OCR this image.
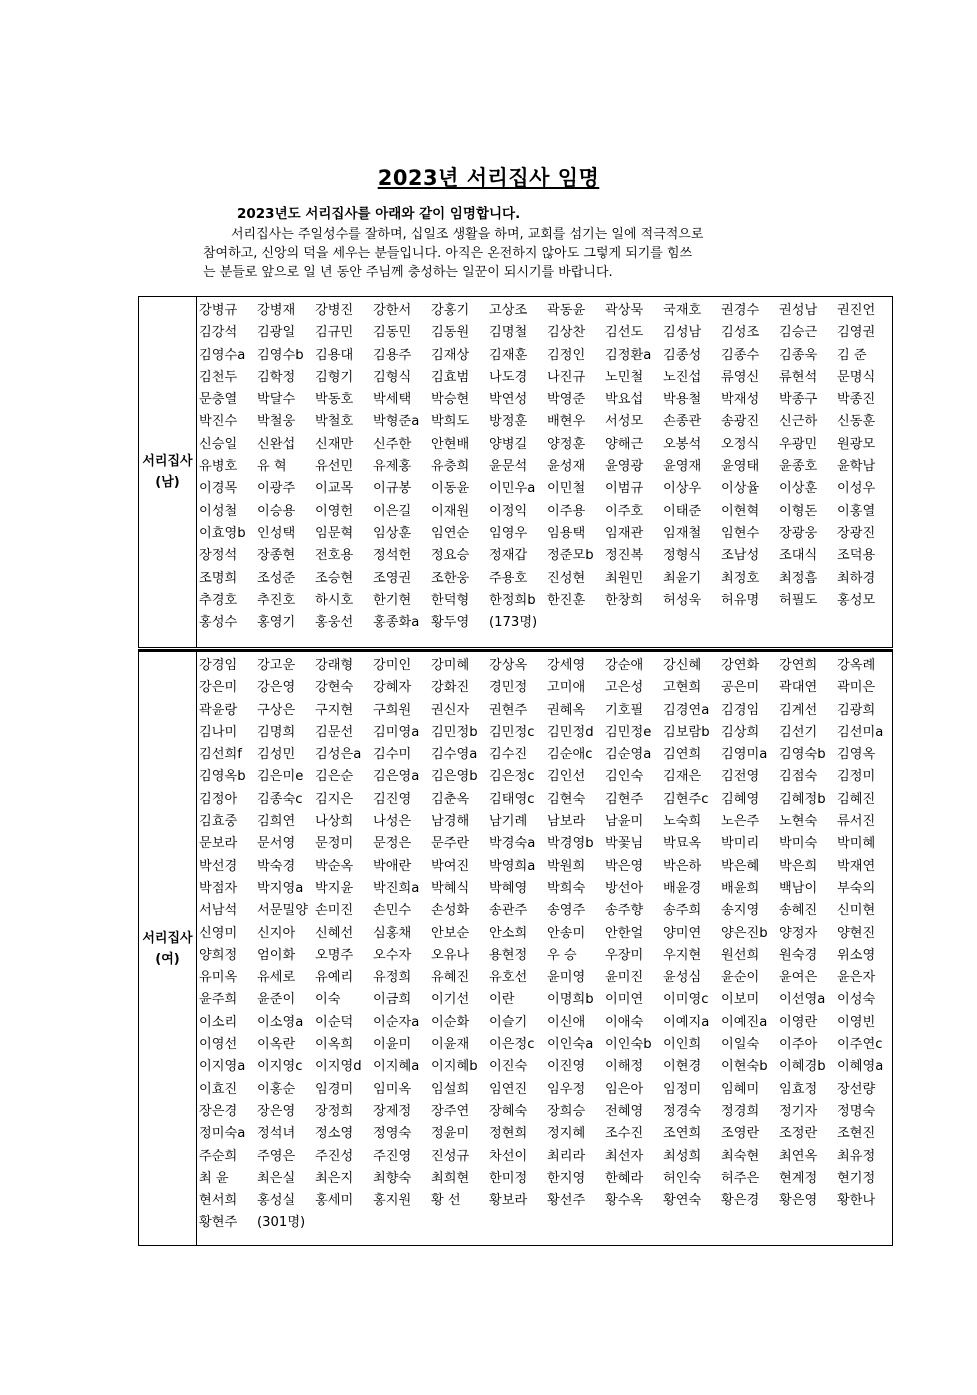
2023년 서리집사 임명
2023년도 서리집사를 아래와 같이 임명합니다.
서리집사는 주일성수를 잘하며, 십일조 생활을 하며, 교회를 섬기는 일에 적극적으로
참여하고, 신앙의 덕을 세우는 분들입니다. 아직은 온전하지 않아도 그렇게 되기를 힘쓰
는 분들로 앞으로 일 년 동안 주님께 충성하는 일꾼이 되시기를 바랍니다.
서리집사
(남)
강병규 강병재 강병진 강한서 강홍기 고상조 곽동윤 곽상묵 국재호 권경수 권성남 권진언
김강석 김광일 김규민 김동민 김동원 김명철 김상찬 김선도 김성남 김성조 김승근 김영권
김영수a 김영수b 김용대 김용주 김재상 김재훈 김정인 김정환a 김종성 김종수 김종욱 김 준
김천두 김학정 김형기 김형식 김효범 나도경 나진규 노민철 노진섭 류영신 류현석 문명식
문충열 박달수 박동호 박세택 박승현 박연성 박영준 박요섭 박용철 박재성 박종구 박종진
박진수 박철웅 박철호 박형준a 박희도 방정훈 배현우 서성모 손종관 송광진 신근하 신동훈
신승일 신완섭 신재만 신주한 안현배 양병길 양정훈 양해근 오봉석 오정식 우광민 원광모
유병호 유 혁 유선민 유제홍 유충희 윤문석 윤성재 윤영광 윤영재 윤영태 윤종호 윤학남
이경목 이광주 이교목 이규봉 이동윤 이민우a 이민철 이범규 이상우 이상율 이상훈 이성우
이성철 이승용 이영헌 이은길 이재원 이정익 이주용 이주호 이태준 이현혁 이형돈 이홍열
이효영b 인성택 임문혁 임상훈 임연순 임영우 임용택 임재관 임재철 임현수 장광웅 장광진
장정석 장종현 전호용 정석헌 정요승 정재갑 정준모b 정진복 정형식 조남성 조대식 조덕용
조명희 조성준 조승현 조영권 조한웅 주용호 진성현 최원민 최윤기 최정호 최정흠 최하경
추경호 추진호 하시호 한기현 한덕형 한정희b 한진훈 한창희 허성욱 허유명 허필도 홍성모
홍성수 홍영기 홍웅선 홍종화a 황두영 (173명)
서리집사
(여)
강경임 강고운 강래형 강미인 강미혜 강상옥 강세영 강순애 강신혜 강연화 강연희 강옥례
강은미 강은영 강현숙 강혜자 강화진 경민정 고미애 고은성 고현희 공은미 곽대연 곽미은
곽윤랑 구상은 구지현 구희원 권신자 권현주 권혜옥 기호필 김경연a 김경임 김계선 김광희
김나미 김명희 김문선 김미영a 김민정b 김민정c 김민정d 김민정e 김보람b 김상희 김선기 김선미a
김선희f 김성민 김성은a 김수미 김수영a 김수진 김순애c 김순영a 김연희 김영미a 김영숙b 김영옥
김영옥b 김은미e 김은순 김은영a 김은영b 김은정c 김인선 김인숙 김재은 김전영 김점숙 김정미
김정아 김종숙c 김지은 김진영 김춘옥 김태영c 김현숙 김현주 김현주c 김혜영 김혜정b 김혜진
김효중 김희연 나상희 나성은 남경해 남기례 남보라 남윤미 노숙희 노은주 노현숙 류서진
문보라 문서영 문정미 문정은 문주란 박경숙a 박경영b 박꽃님 박묘옥 박미리 박미숙 박미혜
박선경 박숙경 박순옥 박애란 박여진 박영희a 박원희 박은영 박은하 박은혜 박은희 박재연
박점자 박지영a 박지윤 박진희a 박혜식 박혜영 박희숙 방선아 배윤경 배윤희 백남이 부숙의
서남석 서문밀양 손미진 손민수 손성화 송관주 송영주 송주향 송주희 송지영 송혜진 신미현
신영미 신지아 신혜선 심홍채 안보순 안소희 안송미 안한얼 양미연 양은진b 양정자 양현진
양희정 엄이화 오명주 오수자 오유나 용현정 우 승 우장미 우지현 원선희 원숙경 위소영
유미옥 유세로 유예리 유정희 유혜진 유호선 윤미영 윤미진 윤성심 윤순이 윤여은 윤은자
윤주희 윤준이 이숙 이금희 이기선 이란 이명희b 이미연 이미영c 이보미 이선영a 이성숙
이소리 이소영a 이순덕 이순자a 이순화 이슬기 이신애 이애숙 이예지a 이예진a 이영란 이영빈
이영선 이옥란 이옥희 이윤미 이윤재 이은정c 이인숙a 이인숙b 이인희 이일숙 이주아 이주연c
이지영a 이지영c 이지영d 이지혜a 이지혜b 이진숙 이진영 이해정 이현경 이현숙b 이혜경b 이혜영a
이효진 이홍순 임경미 임미옥 임설희 임연진 임우정 임은아 임정미 임혜미 임효정 장선량
장은경 장은영 장정희 장제정 장주연 장혜숙 장희승 전혜영 정경숙 정경희 정기자 정명숙
정미숙a 정석녀 정소영 정영숙 정윤미 정현희 정지혜 조수진 조연희 조영란 조정란 조현진
주순희 주영은 주진성 주진영 진성규 차선이 최리라 최선자 최성희 최숙현 최연옥 최유정
최 윤 최은실 최은지 최향숙 최희현 한미정 한지영 한혜라 허인숙 허주은 현계정 현기정
현서희 홍성실 홍세미 홍지원 황 선 황보라 황선주 황수옥 황연숙 황은경 황은영 황한나
황현주 (301명)
